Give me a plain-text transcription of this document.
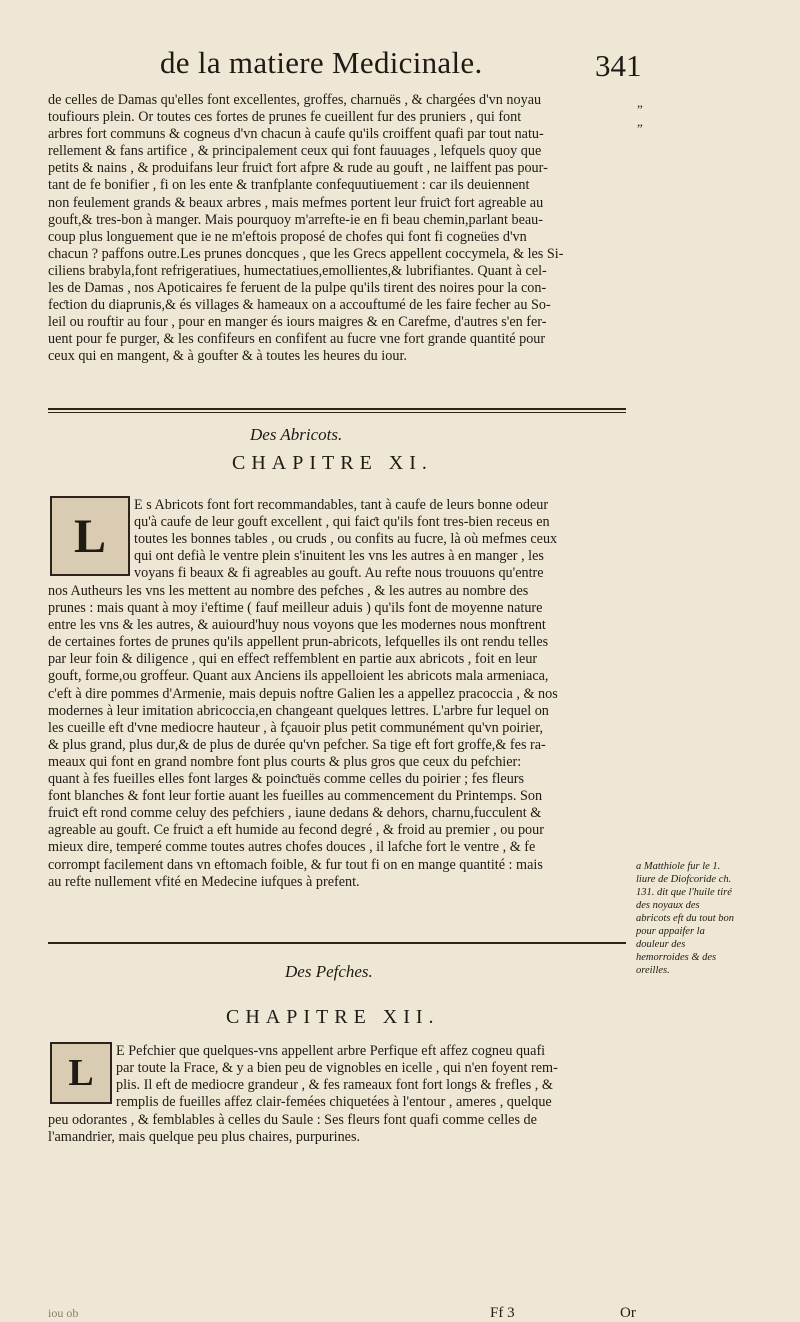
de la matiere Medicinale.	341

de celles de Damas qu'elles font excellentes, groffes, charnuës , & chargées d'vn noyau

toufiours plein. Or toutes ces fortes de prunes fe cueillent fur des pruniers , qui font

arbres fort communs & cogneus d'vn chacun à caufe qu'ils croiffent quafi par tout natu-

rellement & fans artifice , & principalement ceux qui font fauuages , lefquels quoy que

petits & nains , & produifans leur fruiƈt fort afpre & rude au gouft , ne laiffent pas pour-

tant de fe bonifier , fi on les ente & tranfplante confequutiuement : car ils deuiennent

non feulement grands & beaux arbres , mais mefmes portent leur fruiƈt fort agreable au

gouft,& tres-bon à manger. Mais pourquoy m'arrefte-ie en fi beau chemin,parlant beau-

coup plus longuement que ie ne m'eftois proposé de chofes qui font fi cogneües d'vn

chacun ? paffons outre.Les prunes doncques , que les Grecs appellent coccymela, & les Si-

ciliens brabyla,font refrigeratiues, humectatiues,emollientes,& lubrifiantes. Quant à cel-

les de Damas , nos Apoticaires fe feruent de la pulpe qu'ils tirent des noires pour la con-

feƈtion du diaprunis,& és villages & hameaux on a accouftumé de les faire fecher au So-

leil ou rouftir au four , pour en manger és iours maigres & en Carefme, d'autres s'en fer-

uent pour fe purger, & les confifeurs en confifent au fucre vne fort grande quantité pour

ceux qui en mangent, & à goufter & à toutes les heures du iour.

„
„
Des Abricots.
CHAPITRE XI.
L

E s Abricots font fort recommandables, tant à caufe de leurs bonne odeur

qu'à caufe de leur gouft excellent , qui faiƈt qu'ils font tres-bien receus en

toutes les bonnes tables , ou cruds , ou confits au fucre, là où mefmes ceux

qui ont defià le ventre plein s'inuitent les vns les autres à en manger , les

voyans fi beaux & fi agreables au gouft. Au refte nous trouuons qu'entre

nos Autheurs les vns les mettent au nombre des pefches , & les autres au nombre des

prunes : mais quant à moy i'eftime ( fauf meilleur aduis ) qu'ils font de moyenne nature

entre les vns & les autres, & auiourd'huy nous voyons que les modernes nous monftrent

de certaines fortes de prunes qu'ils appellent prun-abricots, lefquelles ils ont rendu telles

par leur foin & diligence , qui en effeƈt reffemblent en partie aux abricots , foit en leur

gouft, forme,ou groffeur. Quant aux Anciens ils appelloient les abricots mala armeniaca,

c'eft à dire pommes d'Armenie, mais depuis noftre Galien les a appellez pracoccia , & nos

modernes à leur imitation abricoccia,en changeant quelques lettres. L'arbre fur lequel on

les cueille eft d'vne mediocre hauteur , à fçauoir plus petit communément qu'vn poirier,

& plus grand, plus dur,& de plus de durée qu'vn pefcher. Sa tige eft fort groffe,& fes ra-

meaux qui font en grand nombre font plus courts & plus gros que ceux du pefchier:

quant à fes fueilles elles font larges & poinƈtuës comme celles du poirier ; fes fleurs

font blanches & font leur fortie auant les fueilles au commencement du Printemps. Son

fruiƈt eft rond comme celuy des pefchiers , iaune dedans & dehors, charnu,fucculent &

agreable au gouft. Ce fruiƈt a eft humide au fecond degré , & froid au premier , ou pour

mieux dire, temperé comme toutes autres chofes douces , il lafche fort le ventre , & fe

corrompt facilement dans vn eftomach foible, & fur tout fi on en mange quantité : mais

au refte nullement vfité en Medecine iufques à prefent.

a Matthiole fur le 1. liure de Diofcoride ch. 131. dit que l'huile tiré des noyaux des abricots eft du tout bon pour appaifer la douleur des hemorroides & des oreilles.
Des Pefches.
CHAPITRE XII.
L

E Pefchier que quelques-vns appellent arbre Perfique eft affez cogneu quafi

par toute la Frace, & y a bien peu de vignobles en icelle , qui n'en foyent rem-

plis. Il eft de mediocre grandeur , & fes rameaux font fort longs & frefles , &

remplis de fueilles affez clair-femées chiquetées à l'entour , ameres , quelque

peu odorantes , & femblables à celles du Saule : Ses fleurs font quafi comme celles de

l'amandrier, mais quelque peu plus chaires, purpurines.

iou ob	Ff 3	Or
